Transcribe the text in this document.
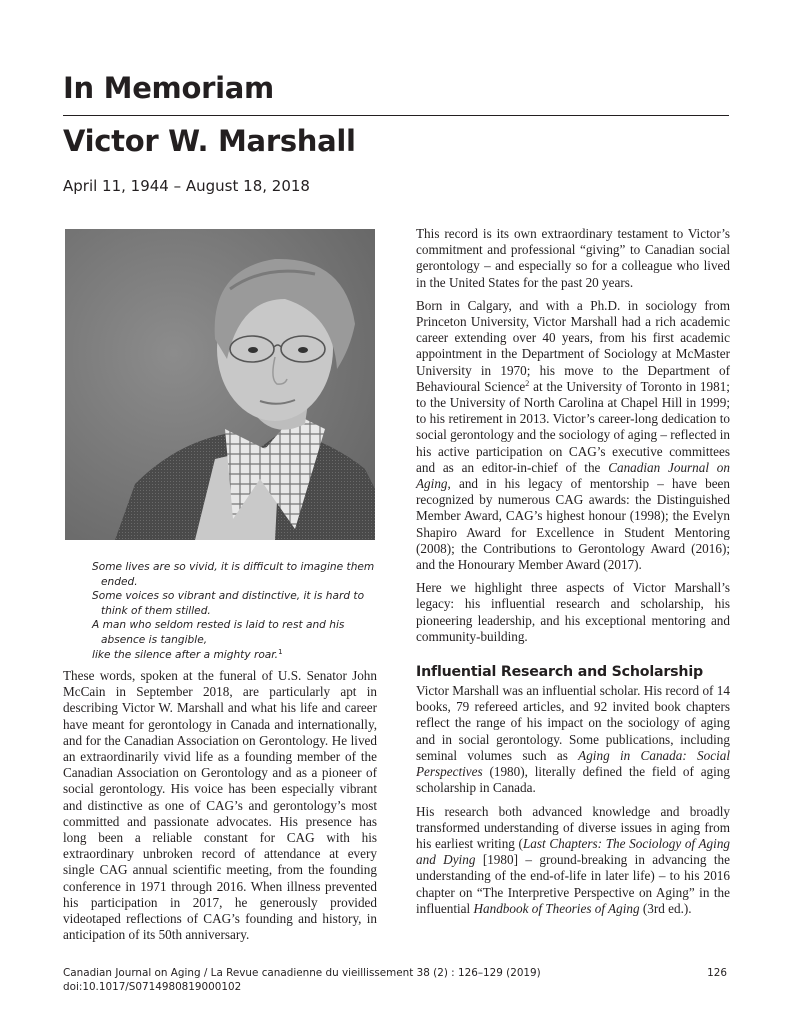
In Memoriam
Victor W. Marshall
April 11, 1944 – August 18, 2018
Some lives are so vivid, it is difficult to imagine them ended.
Some voices so vibrant and distinctive, it is hard to think of them stilled.
A man who seldom rested is laid to rest and his absence is tangible,
like the silence after a mighty roar.$^1$

These words, spoken at the funeral of U.S. Senator John McCain in September 2018, are particularly apt in describing Victor W. Marshall and what his life and career have meant for gerontology in Canada and internationally, and for the Canadian Association on Gerontology. He lived an extraordinarily vivid life as a founding member of the Canadian Association on Gerontology and as a pioneer of social gerontology. His voice has been especially vibrant and distinctive as one of CAG’s and gerontology’s most committed and passionate advocates. His presence has long been a reliable constant for CAG with his extraordinary unbroken record of attendance at every single CAG annual scientific meeting, from the founding conference in 1971 through 2016. When illness prevented his participation in 2017, he generously provided videotaped reflections of CAG’s founding and history, in anticipation of its 50th anniversary.

This record is its own extraordinary testament to Victor’s commitment and professional “giving” to Canadian social gerontology – and especially so for a colleague who lived in the United States for the past 20 years.

Born in Calgary, and with a Ph.D. in sociology from Princeton University, Victor Marshall had a rich academic career extending over 40 years, from his first academic appointment in the Department of Sociology at McMaster University in 1970; his move to the Department of Behavioural Science$^2$ at the University of Toronto in 1981; to the University of North Carolina at Chapel Hill in 1999; to his retirement in 2013. Victor’s career-long dedication to social gerontology and the sociology of aging – reflected in his active participation on CAG’s executive committees and as an editor-in-chief of the Canadian Journal on Aging, and in his legacy of mentorship – have been recognized by numerous CAG awards: the Distinguished Member Award, CAG’s highest honour (1998); the Evelyn Shapiro Award for Excellence in Student Mentoring (2008); the Contributions to Gerontology Award (2016); and the Honourary Member Award (2017).

Here we highlight three aspects of Victor Marshall’s legacy: his influential research and scholarship, his pioneering leadership, and his exceptional mentoring and community-building.

Influential Research and Scholarship

Victor Marshall was an influential scholar. His record of 14 books, 79 refereed articles, and 92 invited book chapters reflect the range of his impact on the sociology of aging and in social gerontology. Some publications, including seminal volumes such as Aging in Canada: Social Perspectives (1980), literally defined the field of aging scholarship in Canada.

His research both advanced knowledge and broadly transformed understanding of diverse issues in aging from his earliest writing (Last Chapters: The Sociology of Aging and Dying [1980] – ground-breaking in advancing the understanding of the end-of-life in later life) – to his 2016 chapter on “The Interpretive Perspective on Aging” in the influential Handbook of Theories of Aging (3rd ed.).

Canadian Journal on Aging / La Revue canadienne du vieillissement 38 (2) : 126–129 (2019)
doi:10.1017/S0714980819000102
126
